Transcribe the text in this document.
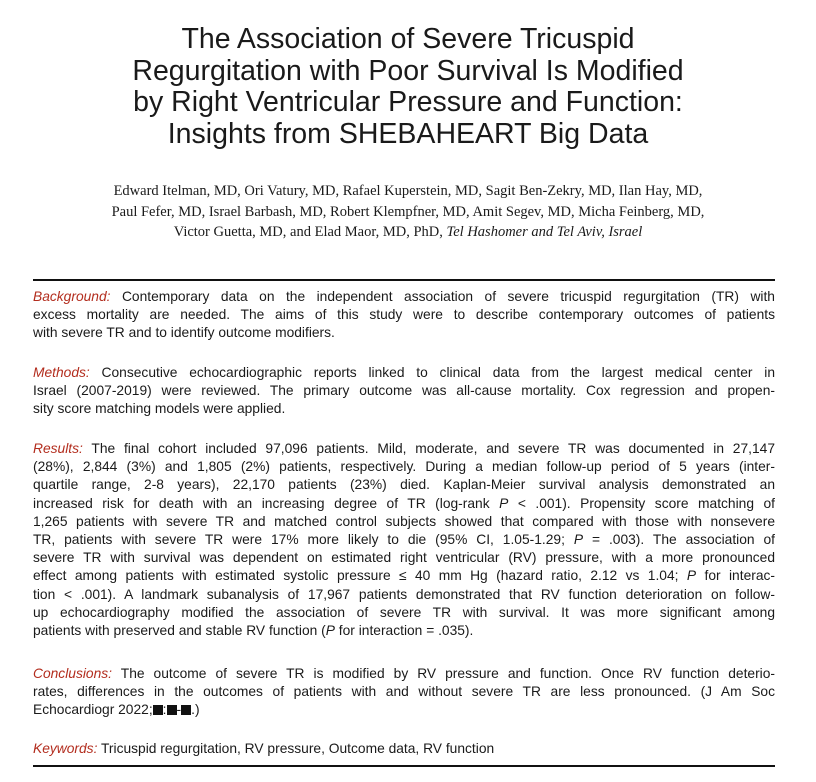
The Association of Severe Tricuspid
Regurgitation with Poor Survival Is Modified
by Right Ventricular Pressure and Function:
Insights from SHEBAHEART Big Data
Edward Itelman, MD, Ori Vatury, MD, Rafael Kuperstein, MD, Sagit Ben-Zekry, MD, Ilan Hay, MD,
Paul Fefer, MD, Israel Barbash, MD, Robert Klempfner, MD, Amit Segev, MD, Micha Feinberg, MD,
Victor Guetta, MD, and Elad Maor, MD, PhD, Tel Hashomer and Tel Aviv, Israel
Background: Contemporary data on the independent association of severe tricuspid regurgitation (TR) with
excess mortality are needed. The aims of this study were to describe contemporary outcomes of patients
with severe TR and to identify outcome modifiers.
Methods: Consecutive echocardiographic reports linked to clinical data from the largest medical center in
Israel (2007-2019) were reviewed. The primary outcome was all-cause mortality. Cox regression and propen-
sity score matching models were applied.
Results: The final cohort included 97,096 patients. Mild, moderate, and severe TR was documented in 27,147
(28%), 2,844 (3%) and 1,805 (2%) patients, respectively. During a median follow-up period of 5 years (inter-
quartile range, 2-8 years), 22,170 patients (23%) died. Kaplan-Meier survival analysis demonstrated an
increased risk for death with an increasing degree of TR (log-rank P < .001). Propensity score matching of
1,265 patients with severe TR and matched control subjects showed that compared with those with nonsevere
TR, patients with severe TR were 17% more likely to die (95% CI, 1.05-1.29; P = .003). The association of
severe TR with survival was dependent on estimated right ventricular (RV) pressure, with a more pronounced
effect among patients with estimated systolic pressure ≤ 40 mm Hg (hazard ratio, 2.12 vs 1.04; P for interac-
tion < .001). A landmark subanalysis of 17,967 patients demonstrated that RV function deterioration on follow-
up echocardiography modified the association of severe TR with survival. It was more significant among
patients with preserved and stable RV function (P for interaction = .035).
Conclusions: The outcome of severe TR is modified by RV pressure and function. Once RV function deterio-
rates, differences in the outcomes of patients with and without severe TR are less pronounced. (J Am Soc
Echocardiogr 2022; : - .)
Keywords: Tricuspid regurgitation, RV pressure, Outcome data, RV function
